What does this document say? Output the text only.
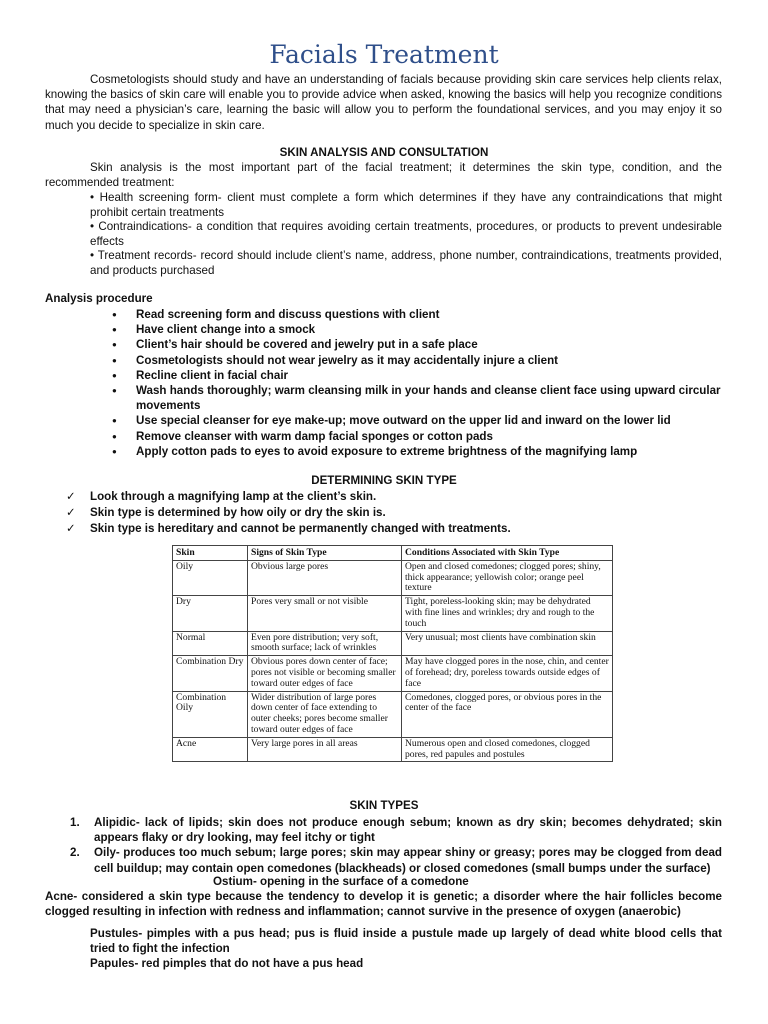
Facials Treatment
Cosmetologists should study and have an understanding of facials because providing skin care services help clients relax, knowing the basics of skin care will enable you to provide advice when asked, knowing the basics will help you recognize conditions that may need a physician’s care, learning the basic will allow you to perform the foundational services, and you may enjoy it so much you decide to specialize in skin care.
SKIN ANALYSIS AND CONSULTATION
Skin analysis is the most important part of the facial treatment; it determines the skin type, condition, and the recommended treatment:
• Health screening form- client must complete a form which determines if they have any contraindications that might prohibit certain treatments
• Contraindications- a condition that requires avoiding certain treatments, procedures, or products to prevent undesirable effects
• Treatment records- record should include client’s name, address, phone number, contraindications, treatments provided, and products purchased
Analysis procedure
● Read screening form and discuss questions with client
● Have client change into a smock
● Client’s hair should be covered and jewelry put in a safe place
● Cosmetologists should not wear jewelry as it may accidentally injure a client
● Recline client in facial chair
● Wash hands thoroughly; warm cleansing milk in your hands and cleanse client face using upward circular movements
● Use special cleanser for eye make-up; move outward on the upper lid and inward on the lower lid
● Remove cleanser with warm damp facial sponges or cotton pads
● Apply cotton pads to eyes to avoid exposure to extreme brightness of the magnifying lamp
DETERMINING SKIN TYPE
✓ Look through a magnifying lamp at the client’s skin.
✓ Skin type is determined by how oily or dry the skin is.
✓ Skin type is hereditary and cannot be permanently changed with treatments.
Skin	Signs of Skin Type	Conditions Associated with Skin Type
Oily	Obvious large pores	Open and closed comedones; clogged pores; shiny, thick appearance; yellowish color; orange peel texture
Dry	Pores very small or not visible	Tight, poreless-looking skin; may be dehydrated with fine lines and wrinkles; dry and rough to the touch
Normal	Even pore distribution; very soft, smooth surface; lack of wrinkles	Very unusual; most clients have combination skin
Combination Dry	Obvious pores down center of face; pores not visible or becoming smaller toward outer edges of face	May have clogged pores in the nose, chin, and center of forehead; dry, poreless towards outside edges of face
Combination Oily	Wider distribution of large pores down center of face extending to outer cheeks; pores become smaller toward outer edges of face	Comedones, clogged pores, or obvious pores in the center of the face
Acne	Very large pores in all areas	Numerous open and closed comedones, clogged pores, red papules and postules
SKIN TYPES
1. Alipidic- lack of lipids; skin does not produce enough sebum; known as dry skin; becomes dehydrated; skin appears flaky or dry looking, may feel itchy or tight
2. Oily- produces too much sebum; large pores; skin may appear shiny or greasy; pores may be clogged from dead cell buildup; may contain open comedones (blackheads) or closed comedones (small bumps under the surface)
Ostium- opening in the surface of a comedone
Acne- considered a skin type because the tendency to develop it is genetic; a disorder where the hair follicles become clogged resulting in infection with redness and inflammation; cannot survive in the presence of oxygen (anaerobic)
Pustules- pimples with a pus head; pus is fluid inside a pustule made up largely of dead white blood cells that tried to fight the infection
Papules- red pimples that do not have a pus head
